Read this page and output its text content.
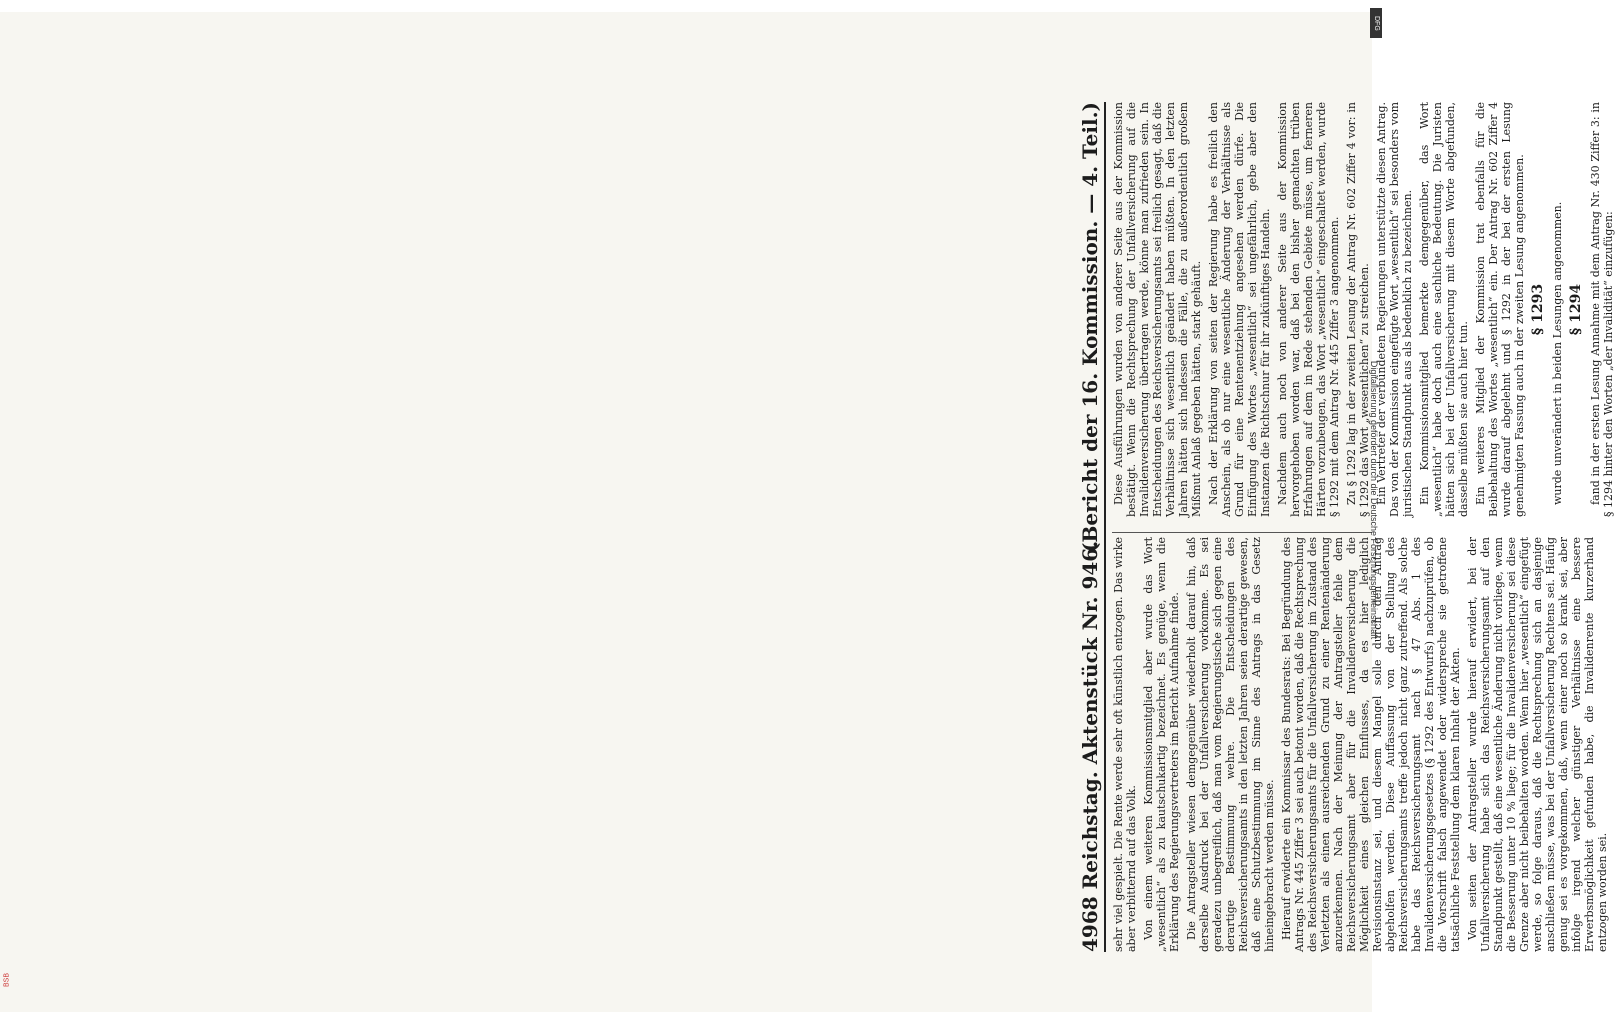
4968 Reichstag. Aktenstück Nr. 946.
(Bericht der 16. Kommission. — 4. Teil.)

sehr viel gespielt. Die Rente werde sehr oft künstlich entzogen. Das wirke aber verbitternd auf das Volk. Von einem weiteren Kommissionsmitglied aber wurde das Wort „wesentlich“ als zu kautschukartig bezeichnet. Es genüge, wenn die Erklärung des Regierungsvertreters im Bericht Aufnahme finde. Die Antragsteller wiesen demgegenüber wiederholt darauf hin, daß derselbe Ausdruck bei der Unfallversicherung vorkomme. Es sei geradezu unbegreiflich, daß man vom Regierungstische sich gegen eine derartige Bestimmung wehre. Die Entscheidungen des Reichsversicherungsamts in den letzten Jahren seien derartige gewesen, daß eine Schutzbestimmung im Sinne des Antrags in das Gesetz hineingebracht werden müsse. Hierauf erwiderte ein Kommissar des Bundesrats: Bei Begründung des Antrags Nr. 445 Ziffer 3 sei auch betont worden, daß die Rechtsprechung des Reichsversicherungsamts für die Unfallversicherung im Zustand des Verletzten als einen ausreichenden Grund zu einer Rentenänderung anzuerkennen. Nach der Meinung der Antragsteller fehle dem Reichsversicherungsamt aber für die Invalidenversicherung die Möglichkeit eines gleichen Einflusses, da es hier lediglich Revisionsinstanz sei, und diesem Mangel solle durch den Antrag abgeholfen werden. Diese Auffassung von der Stellung des Reichsversicherungsamts treffe jedoch nicht ganz zutreffend. Als solche habe das Reichsversicherungsamt nach § 47 Abs. 1 des Invalidenversicherungsgesetzes (§ 1292 des Entwurfs) nachzuprüfen, ob die Vorschrift falsch angewendet oder widerspreche sie getroffene tatsächliche Feststellung dem klaren Inhalt der Akten. Von seiten der Antragsteller wurde hierauf erwidert, bei der Unfallversicherung habe sich das Reichsversicherungsamt auf den Standpunkt gestellt, daß eine wesentliche Änderung nicht vorliege, wenn die Besserung unter 10 % liege; für die Invalidenversicherung sei diese Grenze aber nicht beibehalten worden. Wenn hier „wesentlich“ eingefügt werde, so folge daraus, daß die Rechtsprechung sich an dasjenige anschließen müsse, was bei der Unfallversicherung Rechtens sei. Häufig genug sei es vorgekommen, daß, wenn einer noch so krank sei, aber infolge irgend welcher günstiger Verhältnisse eine bessere Erwerbsmöglichkeit gefunden habe, die Invalidenrente kurzerhand entzogen worden sei.

Diese Ausführungen wurden von anderer Seite aus der Kommission bestätigt. Wenn die Rechtsprechung der Unfallversicherung auf die Invalidenversicherung übertragen werde, könne man zufrieden sein. In Entscheidungen des Reichsversicherungsamts sei freilich gesagt, daß die Verhältnisse sich wesentlich geändert haben müßten. In den letzten Jahren hätten sich indessen die Fälle, die zu außerordentlich großem Mißmut Anlaß gegeben hätten, stark gehäuft. Nach der Erklärung von seiten der Regierung habe es freilich den Anschein, als ob nur eine wesentliche Änderung der Verhältnisse als Grund für eine Rentenentziehung angesehen werden dürfe. Die Einfügung des Wortes „wesentlich“ sei ungefährlich, gebe aber den Instanzen die Richtschnur für ihr zukünftiges Handeln. Nachdem auch noch von anderer Seite aus der Kommission hervorgehoben worden war, daß bei den bisher gemachten trüben Erfahrungen auf dem in Rede stehenden Gebiete müsse, um ferneren Härten vorzubeugen, das Wort „wesentlich“ eingeschaltet werden, wurde § 1292 mit dem Antrag Nr. 445 Ziffer 3 angenommen. Zu § 1292 lag in der zweiten Lesung der Antrag Nr. 602 Ziffer 4 vor: in § 1292 das Wort „wesentlichen“ zu streichen. Ein Vertreter der verbündeten Regierungen unterstützte diesen Antrag. Das von der Kommission eingefügte Wort „wesentlich“ sei besonders vom juristischen Standpunkt aus als bedenklich zu bezeichnen. Ein Kommissionsmitglied bemerkte demgegenüber, das Wort „wesentlich“ habe doch auch eine sachliche Bedeutung. Die Juristen hätten sich bei der Unfallversicherung mit diesem Worte abgefunden, dasselbe müßten sie auch hier tun. Ein weiteres Mitglied der Kommission trat ebenfalls für die Beibehaltung des Wortes „wesentlich“ ein. Der Antrag Nr. 602 Ziffer 4 wurde darauf abgelehnt und § 1292 in der bei der ersten Lesung genehmigten Fassung auch in der zweiten Lesung angenommen. § 1293 wurde unverändert in beiden Lesungen angenommen. § 1294 fand in der ersten Lesung Annahme mit dem Antrag Nr. 430 Ziffer 3: in § 1294 hinter den Worten „der Invalidität“ einzufügen:

DFG
Digitalisierung gefördert durch die Deutsche Forschungsgemeinschaft
BSB
